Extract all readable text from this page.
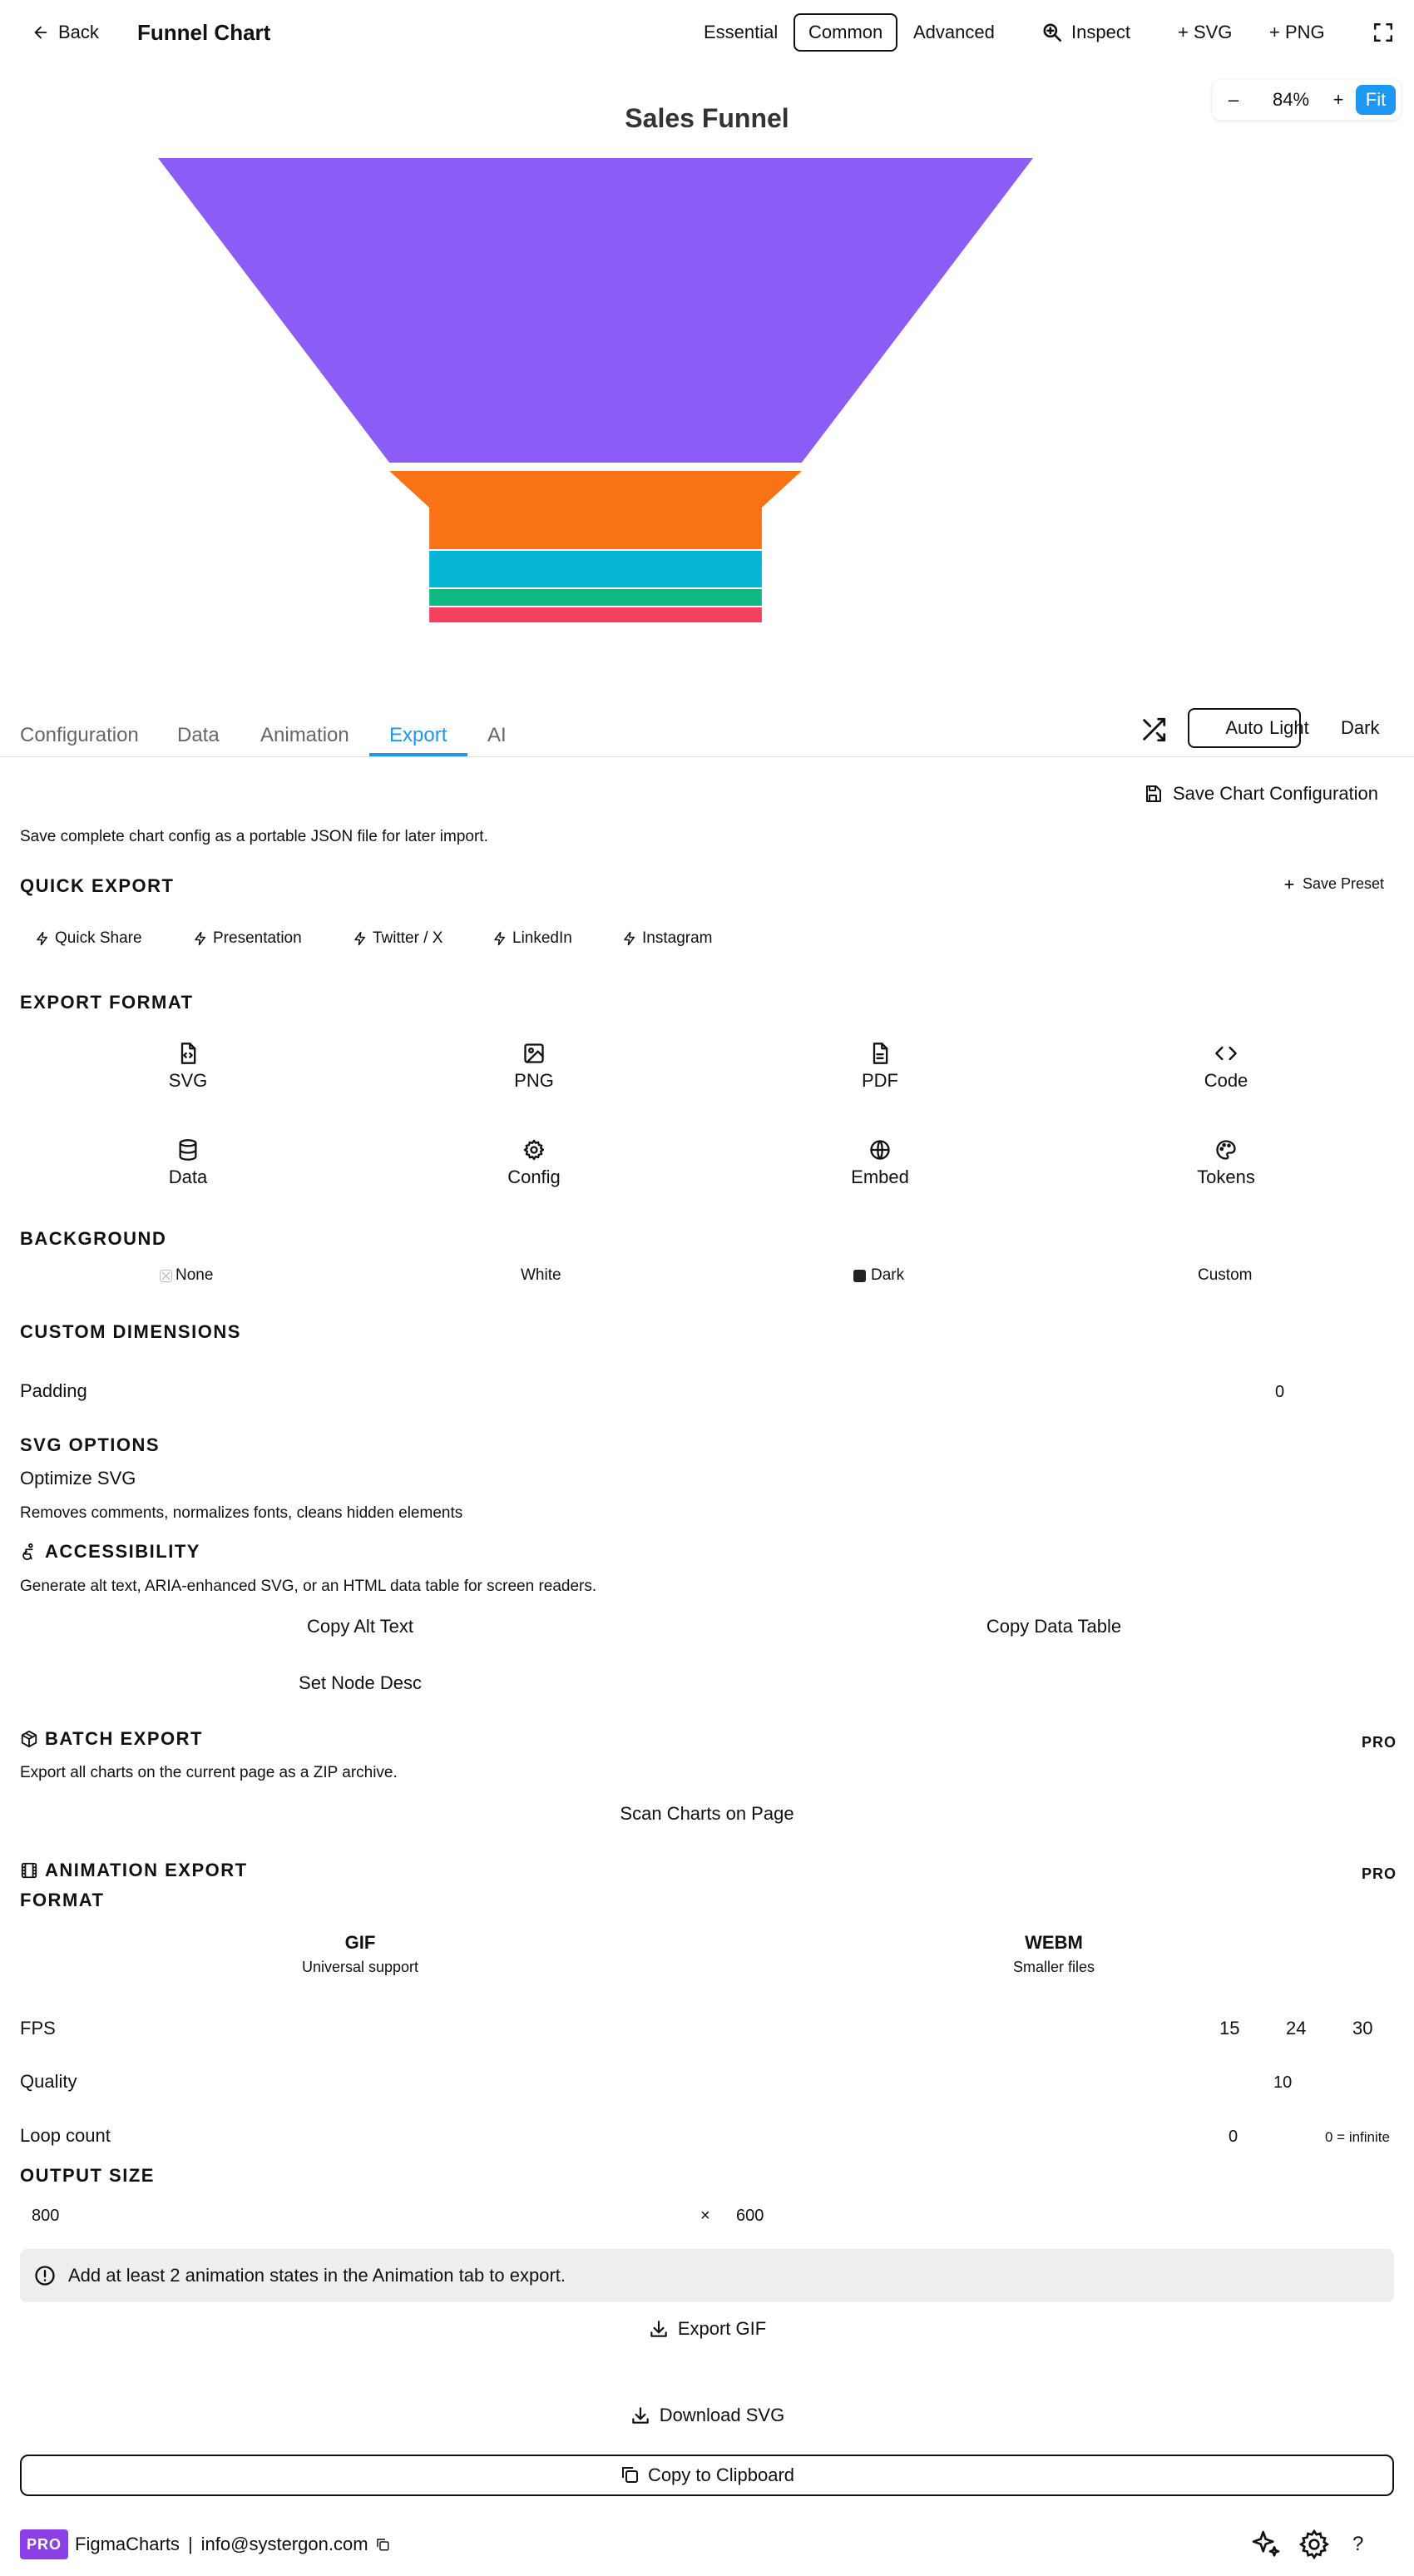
Back Funnel Chart	Essential	Common	Advanced	Inspect	+ SVG + PNG
–	84%	+	Fit
Sales Funnel
Configuration Data Animation Export AI	Auto Light Dark
Save Chart Configuration
Save complete chart config as a portable JSON file for later import.
QUICK EXPORT	Save Preset
Quick Share	Presentation	Twitter / X	LinkedIn	Instagram
EXPORT FORMAT
SVG	PNG	PDF	Code
Data	Config	Embed	Tokens
BACKGROUND
None	White	Dark	Custom
CUSTOM DIMENSIONS
Padding	0
SVG OPTIONS
Optimize SVG
Removes comments, normalizes fonts, cleans hidden elements
ACCESSIBILITY
Generate alt text, ARIA-enhanced SVG, or an HTML data table for screen readers.
Copy Alt Text	Copy Data Table
Set Node Desc
BATCH EXPORT	PRO
Export all charts on the current page as a ZIP archive.
Scan Charts on Page
ANIMATION EXPORT	PRO
FORMAT
GIF
Universal support
WEBM
Smaller files
FPS	15	24	30
Quality	10
Loop count	0	0 = infinite
OUTPUT SIZE
800	× 600
Add at least 2 animation states in the Animation tab to export.
Export GIF
Download SVG
Copy to Clipboard
PRO FigmaCharts | info@systergon.com	?
